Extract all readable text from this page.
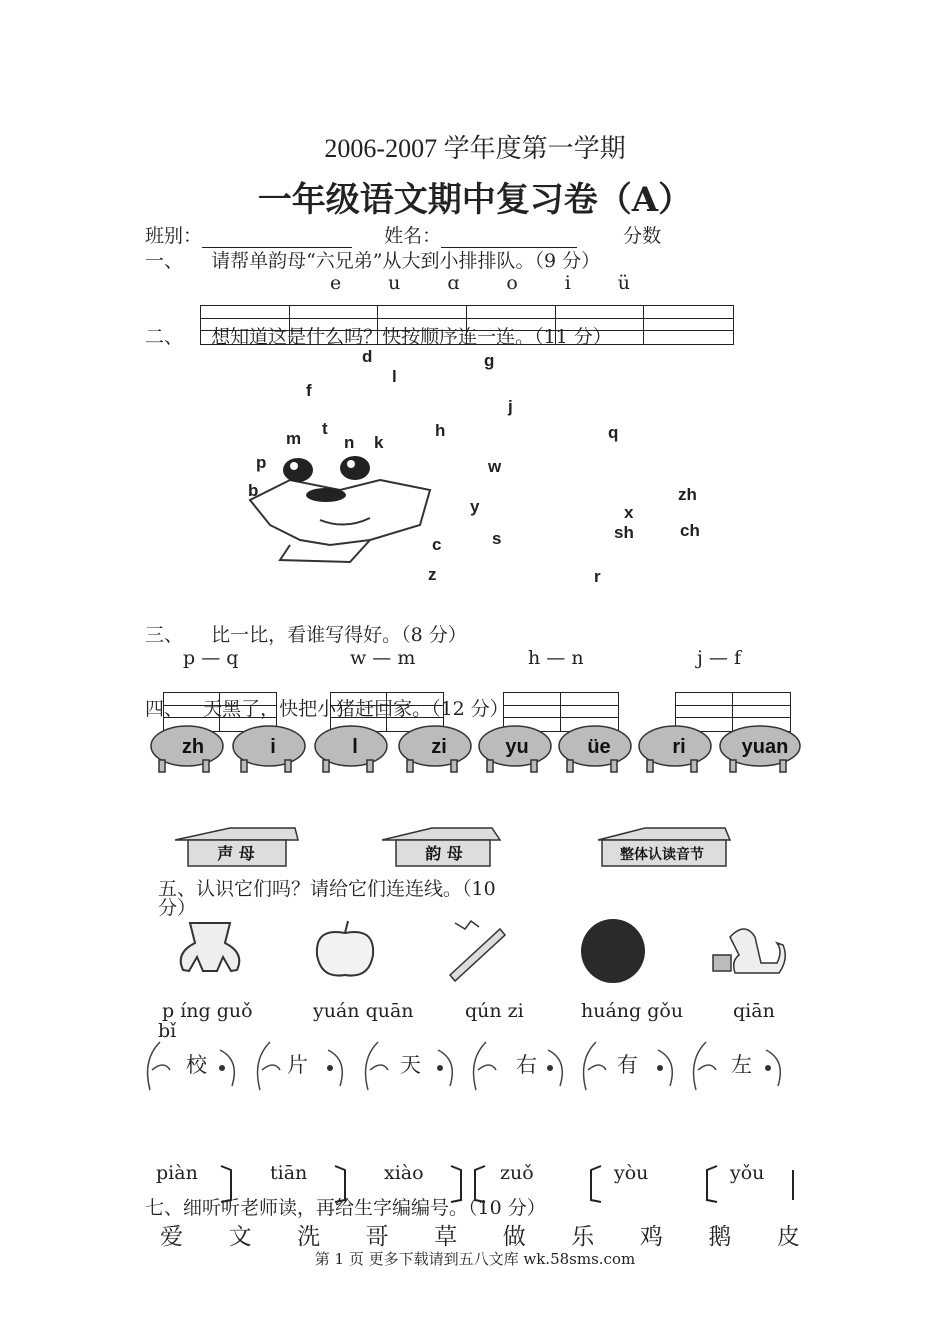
2006-2007 学年度第一学期
一年级语文期中复习卷（A）
班别：	姓名：	分数
一、 请帮单韵母“六兄弟”从大到小排排队。（9 分）
e u ɑ o i ü
二、 想知道这是什么吗？快按顺序连一连。（11 分）
d
l
g
f
j
m
t
n k
h	q
p	w
b	zh
y	x
sh	ch
c	s
z	r
三、 比一比，看谁写得好。（8 分）
p — q	w — m	h — n	j — f
四、 天黑了，快把小猪赶回家。（12 分）
zh	i	l	zi	yu	üe	ri	yuan
声 母	韵 母	整体认读音节
五、认识它们吗？请给它们连连线。（10
分）
p íng guǒ	yuán quān	qún zi	huáng gǒu	qiān
bǐ
校	片	天	右	有	左
piàn	tiān	xiào	zuǒ	yòu	yǒu
七、细听听老师读，再给生字编编号。（10 分）
爱 文 洗 哥 草 做 乐 鸡 鹅 皮
第 1 页 更多下载请到五八文库 wk.58sms.com
